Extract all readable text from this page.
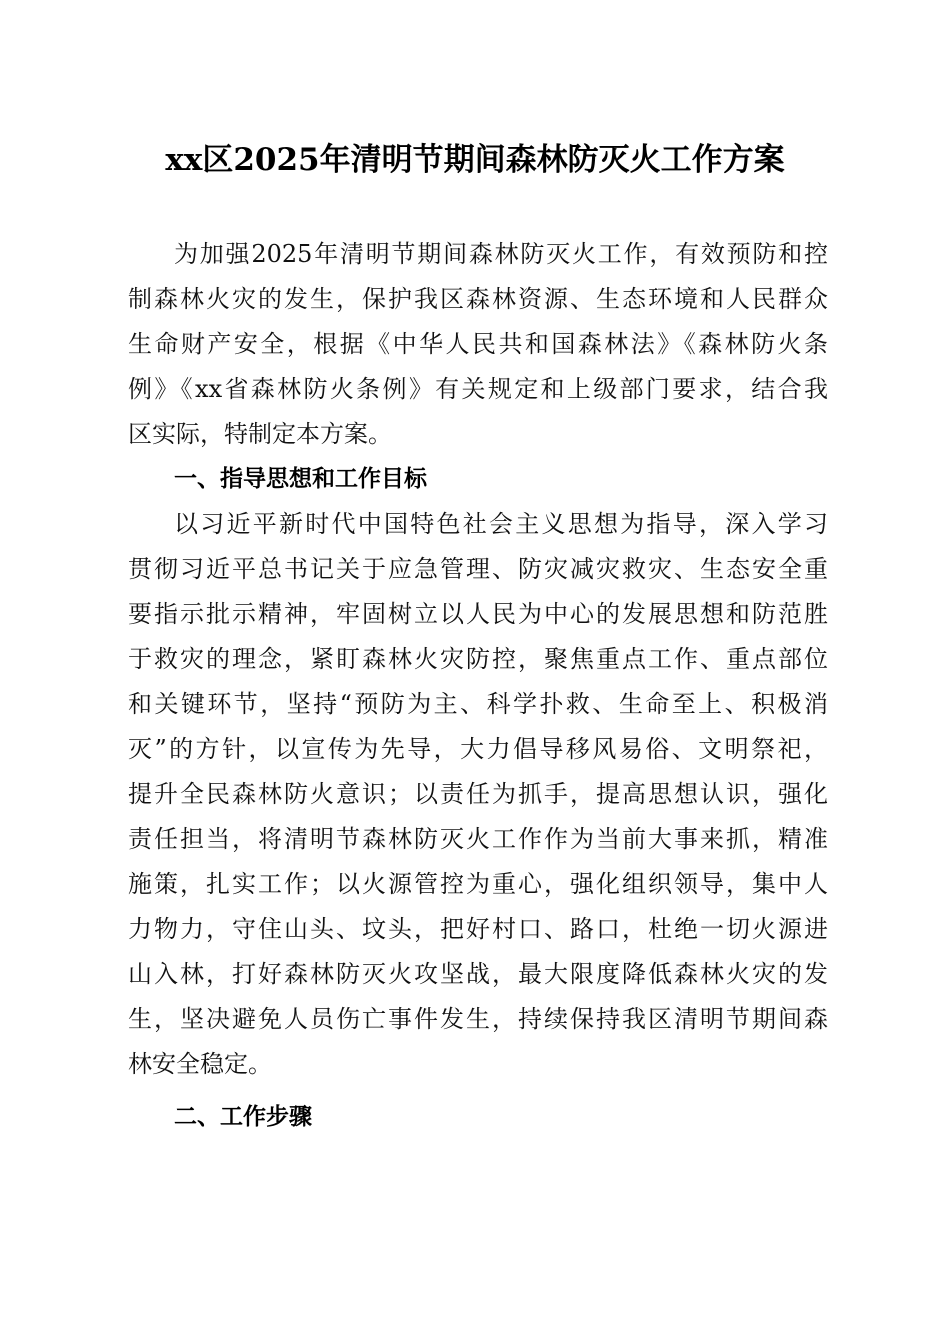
xx区2025年清明节期间森林防灭火工作方案
为加强2025年清明节期间森林防灭火工作，有效预防和控
制森林火灾的发生，保护我区森林资源、生态环境和人民群众
生命财产安全，根据《中华人民共和国森林法》《森林防火条
例》《xx省森林防火条例》有关规定和上级部门要求，结合我
区实际，特制定本方案。
一、指导思想和工作目标
以习近平新时代中国特色社会主义思想为指导，深入学习
贯彻习近平总书记关于应急管理、防灾减灾救灾、生态安全重
要指示批示精神，牢固树立以人民为中心的发展思想和防范胜
于救灾的理念，紧盯森林火灾防控，聚焦重点工作、重点部位
和关键环节，坚持“预防为主、科学扑救、生命至上、积极消
灭”的方针，以宣传为先导，大力倡导移风易俗、文明祭祀，
提升全民森林防火意识；以责任为抓手，提高思想认识，强化
责任担当，将清明节森林防灭火工作作为当前大事来抓，精准
施策，扎实工作；以火源管控为重心，强化组织领导，集中人
力物力，守住山头、坟头，把好村口、路口，杜绝一切火源进
山入林，打好森林防灭火攻坚战，最大限度降低森林火灾的发
生，坚决避免人员伤亡事件发生，持续保持我区清明节期间森
林安全稳定。
二、工作步骤
